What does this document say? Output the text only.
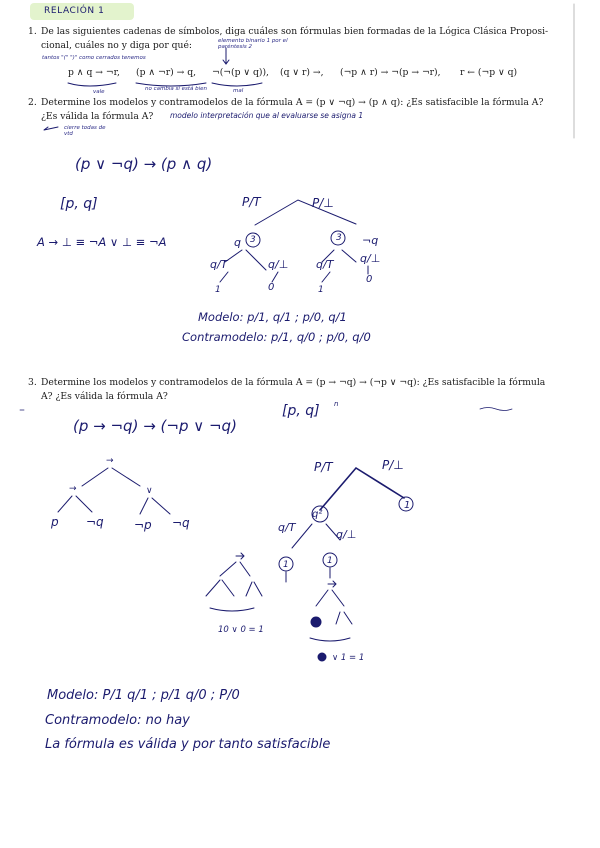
RELACIÓN 1
1. De las siguientes cadenas de símbolos, diga cuáles son fórmulas bien formadas de la Lógica Clásica Proposi-
cional, cuáles no y diga por qué:	elemento binario 1 por el paréntesis 2
tantos "(" ")" como cerrados tenemos
p ∧ q → ¬r, (p ∧ ¬r) → q, ¬(¬(p ∨ q)), (q ∨ r) →, (¬p ∧ r) → ¬(p → ¬r), r ← (¬p ∨ q)
vale	no cambia si está bien	mal
2. Determine los modelos y contramodelos de la fórmula A = (p ∨ ¬q) → (p ∧ q): ¿Es satisfacible la fórmula A?
¿Es válida la fórmula A? modelo interpretación que al evaluarse se asigna 1
cierre todas de vtd
(p ∨ ¬q) → (p ∧ q)
[p, q]
A → ⊥ ≡ ¬A ∨ ⊥ ≡ ¬A
P/T	P/⊥
q 3	3 ¬q
q/T	q/⊥	q/T q/⊥
1	0	1
0
Modelo: p/1, q/1 ; p/0, q/1
Contramodelo: p/1, q/0 ; p/0, q/0
3. Determine los modelos y contramodelos de la fórmula A = (p → ¬q) → (¬p ∨ ¬q): ¿Es satisfacible la fórmula
A? ¿Es válida la fórmula A?
(p → ¬q) → (¬p ∨ ¬q)
[p, q] n
→
→	∨
p ¬q	¬p ¬q
P/T	P/⊥
q²
1
q/T
q/⊥
1	1
10 ∨ 0 = 1
∨ 1 = 1
Modelo: P/1 q/1 ; p/1 q/0 ; P/0
Contramodelo: no hay
La fórmula es válida y por tanto satisfacible
